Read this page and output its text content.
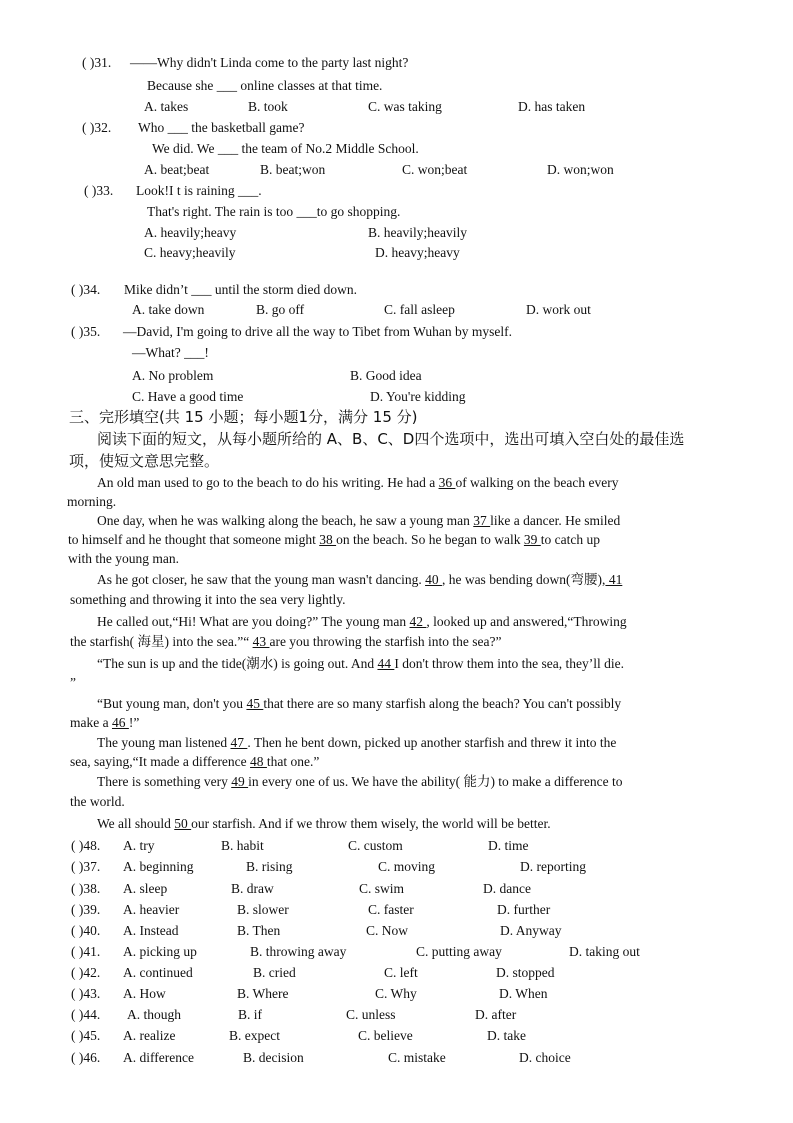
( )31. ——Why didn't Linda come to the party last night?
Because she ___ online classes at that time.
A. takes	B. took	C. was taking	D. has taken
( )32. Who ___ the basketball game?
We did. We ___ the team of No.2 Middle School.
A. beat;beat	B. beat;won	C. won;beat	D. won;won
( )33. Look!I t is raining ___.
That's right. The rain is too ___to go shopping.
A. heavily;heavy	B. heavily;heavily
C. heavy;heavily	D. heavy;heavy
( )34. Mike didn’t ___ until the storm died down.
A. take down	B. go off	C. fall asleep	D. work out
( )35. —David, I'm going to drive all the way to Tibet from Wuhan by myself.
—What? ___!
A. No problem	B. Good idea
C. Have a good time	D. You're kidding
三、完形填空(共 15 小题；每小题1分，满分 15 分)
阅读下面的短文，从每小题所给的 A、B、C、D四个选项中，选出可填入空白处的最佳选
项，使短文意思完整。
An old man used to go to the beach to do his writing. He had a 36 of walking on the beach every
morning.
One day, when he was walking along the beach, he saw a young man 37 like a dancer. He smiled
to himself and he thought that someone might 38 on the beach. So he began to walk 39 to catch up
with the young man.
As he got closer, he saw that the young man wasn't dancing. 40 , he was bending down(弯腰), 41
something and throwing it into the sea very lightly.
He called out,“Hi! What are you doing?” The young man 42 , looked up and answered,“Throwing
the starfish( 海星) into the sea.”“ 43 are you throwing the starfish into the sea?”
“The sun is up and the tide(潮水) is going out. And 44 I don't throw them into the sea, they’ll die.
”
“But young man, don't you 45 that there are so many starfish along the beach? You can't possibly
make a 46 !”
The young man listened 47 . Then he bent down, picked up another starfish and threw it into the
sea, saying,“It made a difference 48 that one.”
There is something very 49 in every one of us. We have the ability( 能力) to make a difference to
the world.
We all should 50 our starfish. And if we throw them wisely, the world will be better.
( )48. A. try	B. habit	C. custom	D. time
( )37. A. beginning	B. rising	C. moving	D. reporting
( )38. A. sleep	B. draw	C. swim	D. dance
( )39. A. heavier	B. slower	C. faster	D. further
( )40. A. Instead	B. Then	C. Now	D. Anyway
( )41. A. picking up	B. throwing away	C. putting away	D. taking out
( )42. A. continued	B. cried	C. left	D. stopped
( )43. A. How	B. Where	C. Why	D. When
( )44. A. though	B. if	C. unless	D. after
( )45. A. realize	B. expect	C. believe	D. take
( )46. A. difference	B. decision	C. mistake	D. choice
